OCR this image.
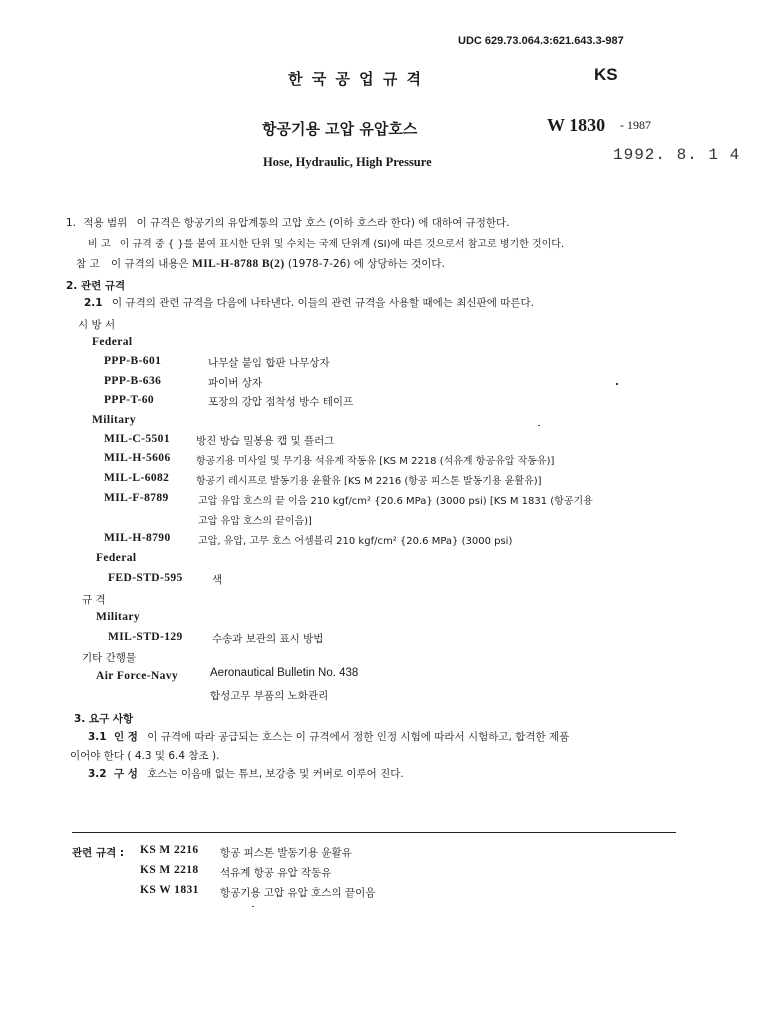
UDC 629.73.064.3:621.643.3-987
한 국 공 업 규 격	KS
항공기용 고압 유압호스	W 1830 - 1987
Hose, Hydraulic, High Pressure	1992. 8. 1 4
1. 적용 범위 이 규격은 항공기의 유압계통의 고압 호스 (이하 호스라 한다) 에 대하여 규정한다.
비 고 이 규격 중 { }를 붙여 표시한 단위 및 수치는 국제 단위계 (SI)에 따른 것으로서 참고로 병기한 것이다.
참 고 이 규격의 내용은 MIL-H-8788 B(2) (1978-7-26) 에 상당하는 것이다.
2. 관련 규격
2.1 이 규격의 관련 규격을 다음에 나타낸다. 이들의 관련 규격을 사용할 때에는 최신판에 따른다.
시 방 서
Federal
PPP-B-601	나무살 붙임 합판 나무상자
PPP-B-636	파이버 상자
PPP-T-60	포장의 강압 점착성 방수 테이프
Military
MIL-C-5501 방진 방습 밀봉용 캡 및 플러그
MIL-H-5606	항공기용 미사일 및 무기용 석유계 작동유 [KS M 2218 (석유계 항공유압 작동유)]
MIL-L-6082	항공기 레시프로 발동기용 윤활유 [KS M 2216 (항공 피스톤 발동기용 윤활유)]
MIL-F-8789	고압 유압 호스의 끝 이음 210 kgf/cm² {20.6 MPa} (3000 psi) [KS M 1831 (항공기용
고압 유압 호스의 끝이음)]
MIL-H-8790	고압, 유압, 고무 호스 어셈블리 210 kgf/cm² {20.6 MPa} (3000 psi)
Federal
FED-STD-595	색
규 격
Military
MIL-STD-129	수송과 보관의 표시 방법
기타 간행물
Air Force-Navy	Aeronautical Bulletin No. 438
합성고무 부품의 노화관리
3. 요구 사항
3.1 인 정 이 규격에 따라 공급되는 호스는 이 규격에서 정한 인정 시험에 따라서 시험하고, 합격한 제품
이어야 한다 ( 4.3 및 6.4 참조 ).
3.2 구 성 호스는 이음매 없는 튜브, 보강층 및 커버로 이루어 진다.
관련 규격 : KS M 2216 항공 피스톤 발동기용 윤활유
KS M 2218 석유계 항공 유압 작동유
KS W 1831 항공기용 고압 유압 호스의 끝이음
